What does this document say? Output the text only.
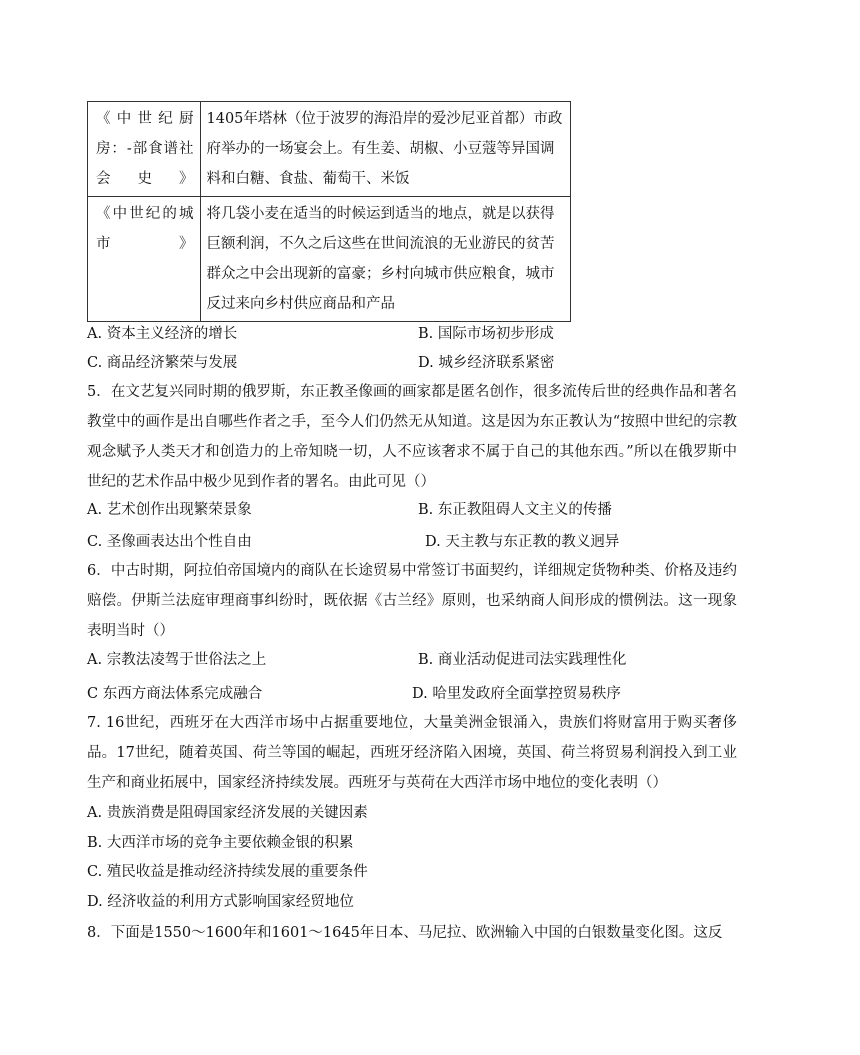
《中世纪厨房：-部食谱社会史》	1405年塔林（位于波罗的海沿岸的爱沙尼亚首都）市政府举办的一场宴会上。有生姜、胡椒、小豆蔻等异国调料和白糖、食盐、葡萄干、米饭
《中世纪的城市》	将几袋小麦在适当的时候运到适当的地点，就是以获得巨额利润，不久之后这些在世间流浪的无业游民的贫苦群众之中会出现新的富豪；乡村向城市供应粮食，城市反过来向乡村供应商品和产品
A. 资本主义经济的增长	B. 国际市场初步形成
C. 商品经济繁荣与发展	D. 城乡经济联系紧密
5．在文艺复兴同时期的俄罗斯，东正教圣像画的画家都是匿名创作，很多流传后世的经典作品和著名教堂中的画作是出自哪些作者之手，至今人们仍然无从知道。这是因为东正教认为“按照中世纪的宗教观念赋予人类天才和创造力的上帝知晓一切，人不应该奢求不属于自己的其他东西。”所以在俄罗斯中世纪的艺术作品中极少见到作者的署名。由此可见（）
A. 艺术创作出现繁荣景象	B. 东正教阻碍人文主义的传播
C. 圣像画表达出个性自由	D. 天主教与东正教的教义迥异
6．中古时期，阿拉伯帝国境内的商队在长途贸易中常签订书面契约，详细规定货物种类、价格及违约赔偿。伊斯兰法庭审理商事纠纷时，既依据《古兰经》原则，也采纳商人间形成的惯例法。这一现象表明当时（）
A. 宗教法凌驾于世俗法之上	B. 商业活动促进司法实践理性化
C 东西方商法体系完成融合	D. 哈里发政府全面掌控贸易秩序
7. 16世纪，西班牙在大西洋市场中占据重要地位，大量美洲金银涌入，贵族们将财富用于购买奢侈品。17世纪，随着英国、荷兰等国的崛起，西班牙经济陷入困境，英国、荷兰将贸易利润投入到工业生产和商业拓展中，国家经济持续发展。西班牙与英荷在大西洋市场中地位的变化表明（）
A. 贵族消费是阻碍国家经济发展的关键因素
B. 大西洋市场的竞争主要依赖金银的积累
C. 殖民收益是推动经济持续发展的重要条件
D. 经济收益的利用方式影响国家经贸地位
8．下面是1550～1600年和1601～1645年日本、马尼拉、欧洲输入中国的白银数量变化图。这反
